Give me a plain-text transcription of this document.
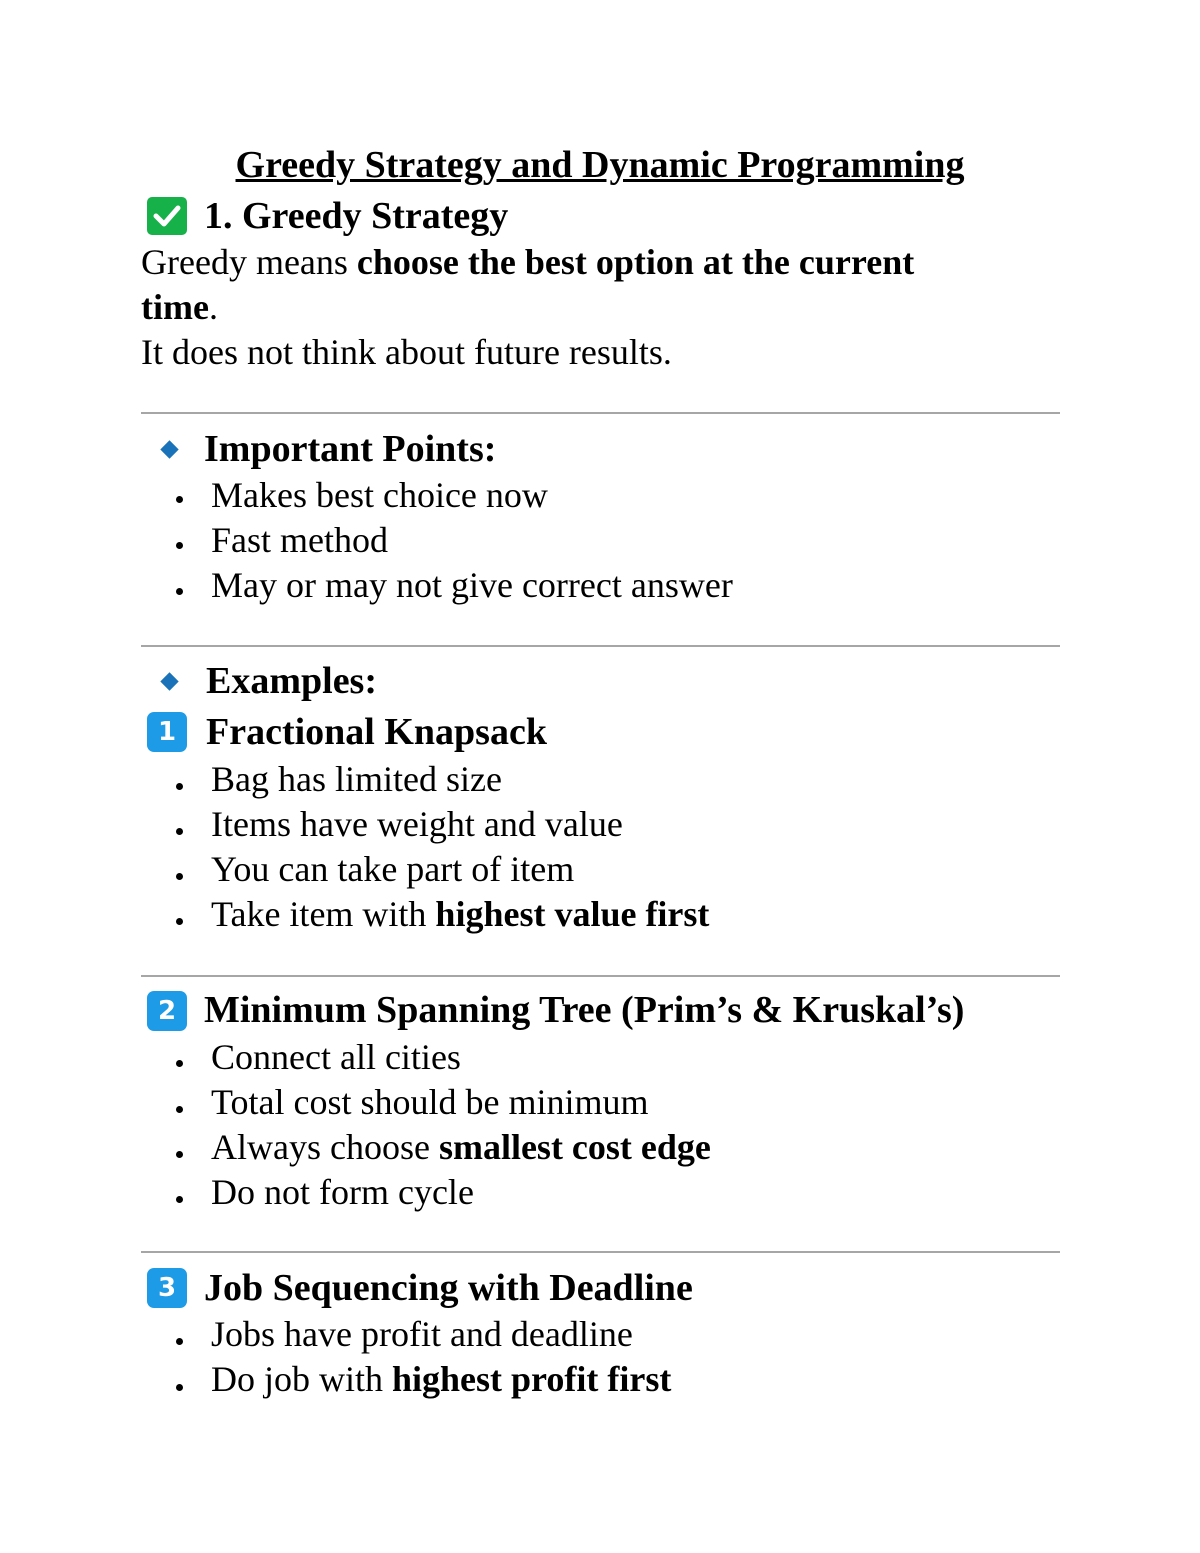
Greedy Strategy and Dynamic Programming
1. Greedy Strategy
Greedy means choose the best option at the current
time.
It does not think about future results.
Important Points:
Makes best choice now
Fast method
May or may not give correct answer
Examples:
1 Fractional Knapsack
Bag has limited size
Items have weight and value
You can take part of item
Take item with highest value first
2 Minimum Spanning Tree (Prim’s & Kruskal’s)
Connect all cities
Total cost should be minimum
Always choose smallest cost edge
Do not form cycle
3 Job Sequencing with Deadline
Jobs have profit and deadline
Do job with highest profit first
